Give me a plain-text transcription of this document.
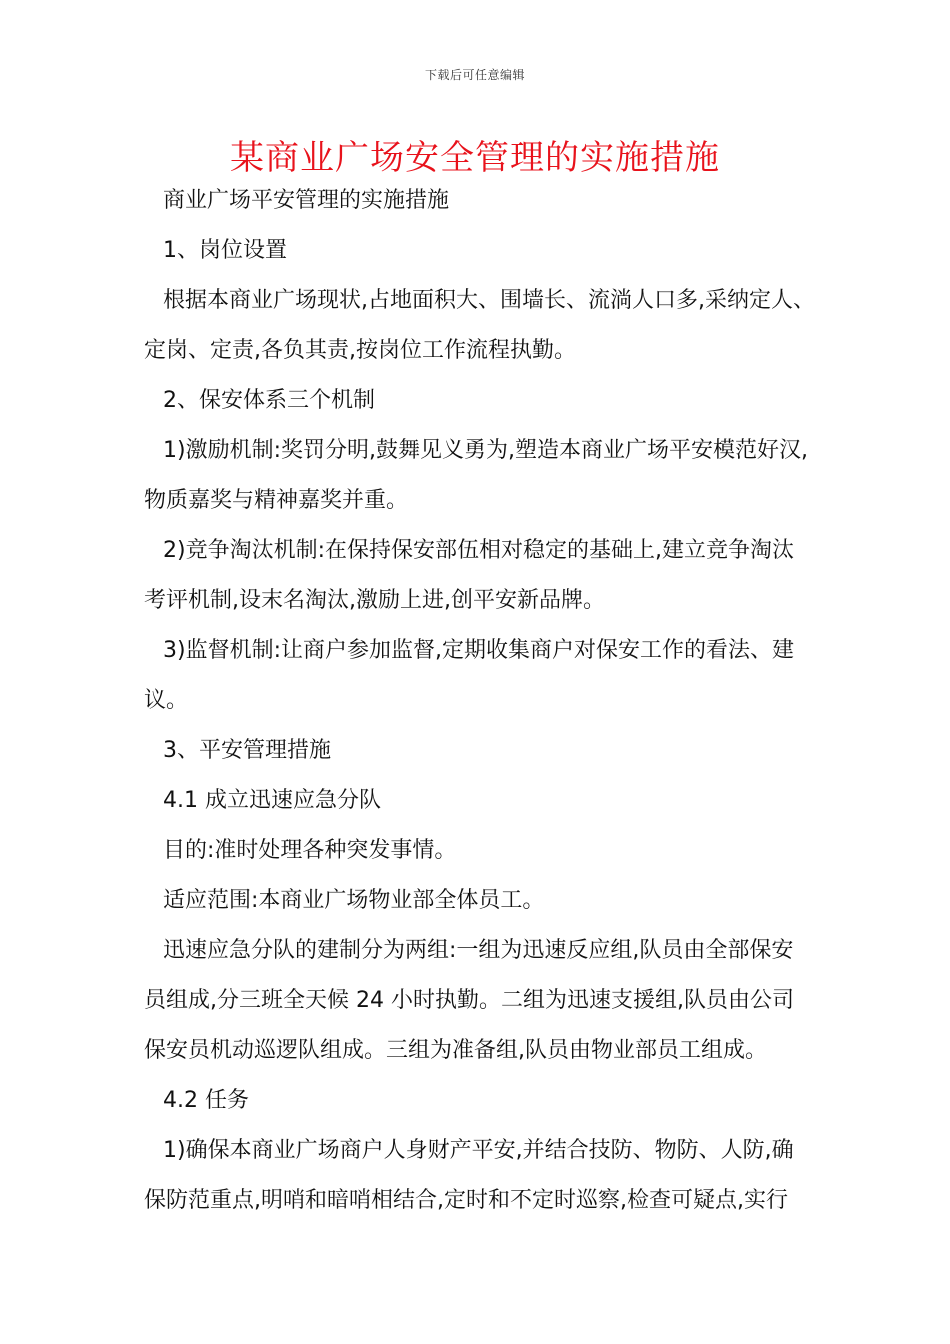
下载后可任意编辑
某商业广场安全管理的实施措施
商业广场平安管理的实施措施
1、岗位设置
根据本商业广场现状,占地面积大、围墙长、流淌人口多,采纳定人、
定岗、定责,各负其责,按岗位工作流程执勤。
2、保安体系三个机制
1)激励机制:奖罚分明,鼓舞见义勇为,塑造本商业广场平安模范好汉,
物质嘉奖与精神嘉奖并重。
2)竞争淘汰机制:在保持保安部伍相对稳定的基础上,建立竞争淘汰
考评机制,设末名淘汰,激励上进,创平安新品牌。
3)监督机制:让商户参加监督,定期收集商户对保安工作的看法、建
议。
3、平安管理措施
4.1 成立迅速应急分队
目的:准时处理各种突发事情。
适应范围:本商业广场物业部全体员工。
迅速应急分队的建制分为两组:一组为迅速反应组,队员由全部保安
员组成,分三班全天候 24 小时执勤。二组为迅速支援组,队员由公司
保安员机动巡逻队组成。三组为准备组,队员由物业部员工组成。
4.2 任务
1)确保本商业广场商户人身财产平安,并结合技防、物防、人防,确
保防范重点,明哨和暗哨相结合,定时和不定时巡察,检查可疑点,实行
